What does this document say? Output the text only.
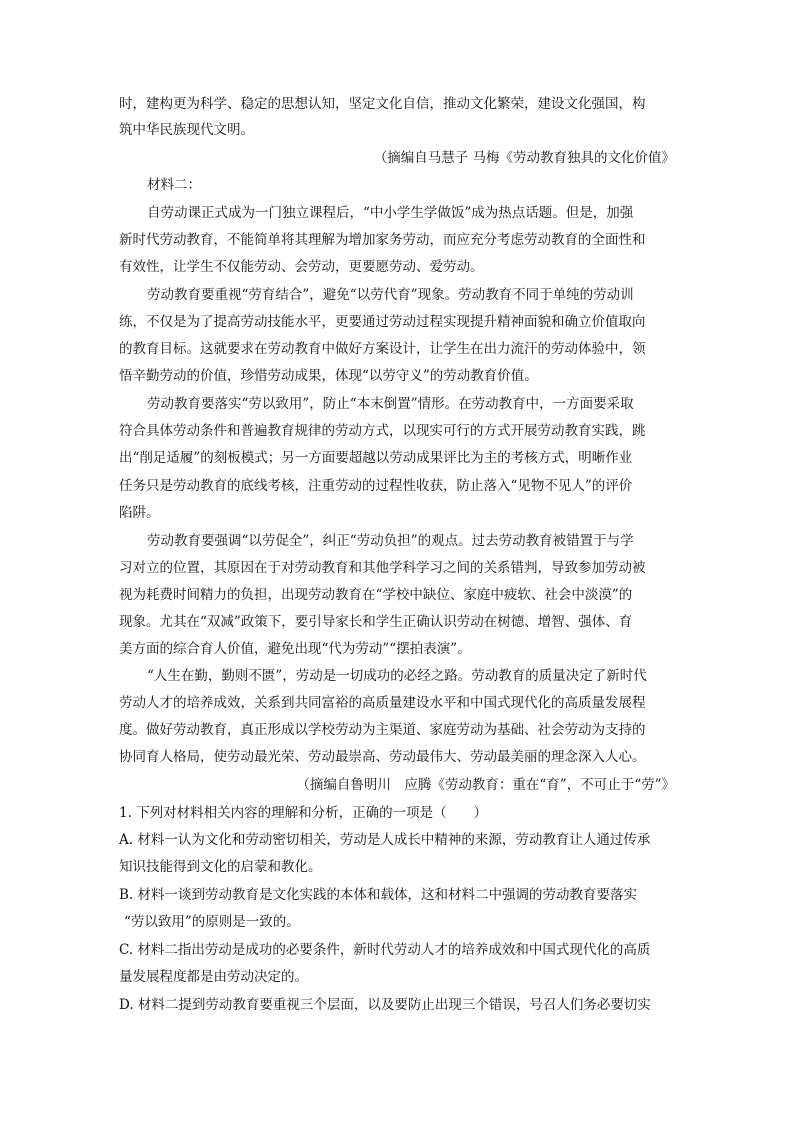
时，建构更为科学、稳定的思想认知，坚定文化自信，推动文化繁荣，建设文化强国，构
筑中华民族现代文明。
（摘编自马慧子 马梅《劳动教育独具的文化价值》
材料二：
自劳动课正式成为一门独立课程后，“中小学生学做饭”成为热点话题。但是，加强
新时代劳动教育，不能简单将其理解为增加家务劳动，而应充分考虑劳动教育的全面性和
有效性，让学生不仅能劳动、会劳动，更要愿劳动、爱劳动。
劳动教育要重视“劳育结合”，避免“以劳代育”现象。劳动教育不同于单纯的劳动训
练，不仅是为了提高劳动技能水平，更要通过劳动过程实现提升精神面貌和确立价值取向
的教育目标。这就要求在劳动教育中做好方案设计，让学生在出力流汗的劳动体验中，领
悟辛勤劳动的价值，珍惜劳动成果，体现“以劳守义”的劳动教育价值。
劳动教育要落实“劳以致用”，防止“本末倒置”情形。在劳动教育中，一方面要采取
符合具体劳动条件和普遍教育规律的劳动方式，以现实可行的方式开展劳动教育实践，跳
出“削足适履”的刻板模式；另一方面要超越以劳动成果评比为主的考核方式，明晰作业
任务只是劳动教育的底线考核，注重劳动的过程性收获，防止落入“见物不见人”的评价
陷阱。
劳动教育要强调“以劳促全”，纠正“劳动负担”的观点。过去劳动教育被错置于与学
习对立的位置，其原因在于对劳动教育和其他学科学习之间的关系错判，导致参加劳动被
视为耗费时间精力的负担，出现劳动教育在“学校中缺位、家庭中疲软、社会中淡漠”的
现象。尤其在“双减”政策下，要引导家长和学生正确认识劳动在树德、增智、强体、育
美方面的综合育人价值，避免出现“代为劳动”“摆拍表演”。
“人生在勤，勤则不匮”，劳动是一切成功的必经之路。劳动教育的质量决定了新时代
劳动人才的培养成效，关系到共同富裕的高质量建设水平和中国式现代化的高质量发展程
度。做好劳动教育，真正形成以学校劳动为主渠道、家庭劳动为基础、社会劳动为支持的
协同育人格局，使劳动最光荣、劳动最崇高、劳动最伟大、劳动最美丽的理念深入人心。
（摘编自鲁明川　应腾《劳动教育：重在“育”，不可止于“劳”》
1. 下列对材料相关内容的理解和分析，正确的一项是（　　）
A. 材料一认为文化和劳动密切相关，劳动是人成长中精神的来源，劳动教育让人通过传承
知识技能得到文化的启蒙和教化。
B. 材料一谈到劳动教育是文化实践的本体和载体，这和材料二中强调的劳动教育要落实
“劳以致用”的原则是一致的。
C. 材料二指出劳动是成功的必要条件，新时代劳动人才的培养成效和中国式现代化的高质
量发展程度都是由劳动决定的。
D. 材料二提到劳动教育要重视三个层面，以及要防止出现三个错误，号召人们务必要切实
